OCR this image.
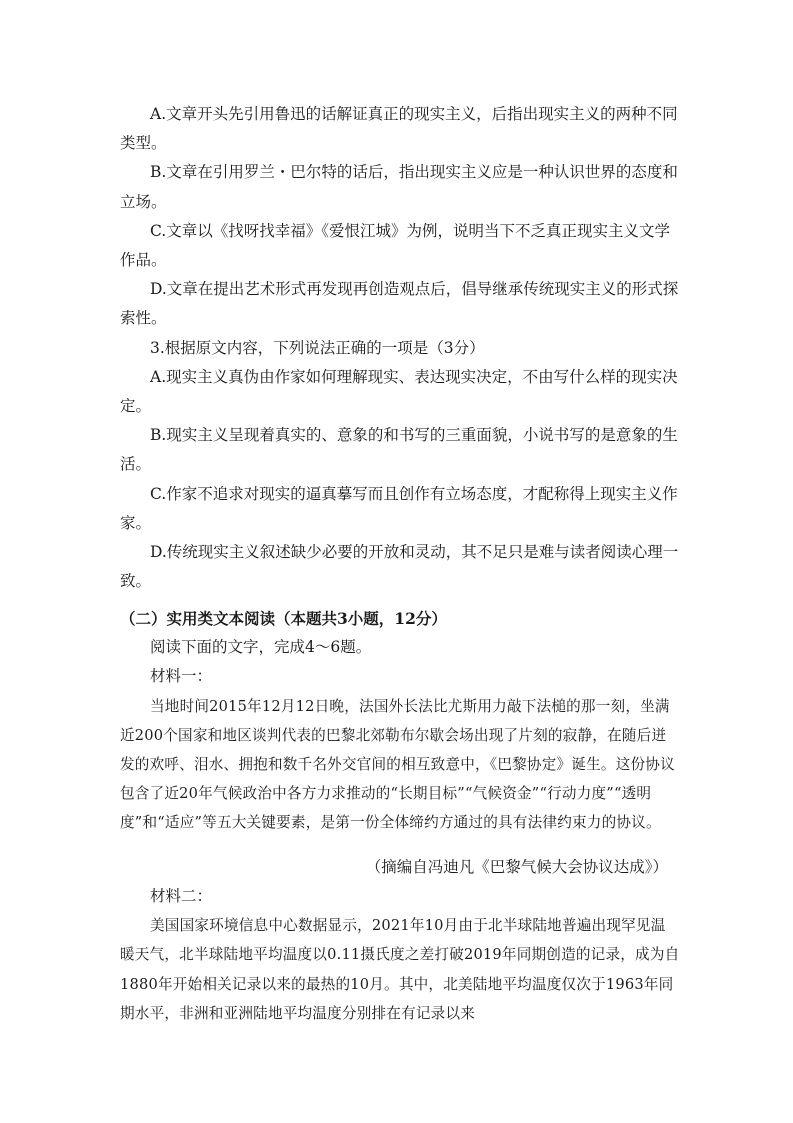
A.文章开头先引用鲁迅的话解证真正的现实主义，后指出现实主义的两种不同类型。

B.文章在引用罗兰・巴尔特的话后，指出现实主义应是一种认识世界的态度和立场。

C.文章以《找呀找幸福》《爱恨江城》为例，说明当下不乏真正现实主义文学作品。

D.文章在提出艺术形式再发现再创造观点后，倡导继承传统现实主义的形式探索性。

3.根据原文内容，下列说法正确的一项是（3分）

A.现实主义真伪由作家如何理解现实、表达现实决定，不由写什么样的现实决定。

B.现实主义呈现着真实的、意象的和书写的三重面貌，小说书写的是意象的生活。

C.作家不追求对现实的逼真摹写而且创作有立场态度，才配称得上现实主义作家。

D.传统现实主义叙述缺少必要的开放和灵动，其不足只是难与读者阅读心理一致。

（二）实用类文本阅读（本题共3小题，12分）

阅读下面的文字，完成4～6题。

材料一：

当地时间2015年12月12日晚，法国外长法比尤斯用力敲下法槌的那一刻，坐满近200个国家和地区谈判代表的巴黎北郊勒布尔歇会场出现了片刻的寂静，在随后迸发的欢呼、泪水、拥抱和数千名外交官间的相互致意中，《巴黎协定》诞生。这份协议包含了近20年气候政治中各方力求推动的“长期目标”“气候资金”“行动力度”“透明度”和“适应”等五大关键要素，是第一份全体缔约方通过的具有法律约束力的协议。

（摘编自冯迪凡《巴黎气候大会协议达成》）

材料二：

美国国家环境信息中心数据显示，2021年10月由于北半球陆地普遍出现罕见温暖天气，北半球陆地平均温度以0.11摄氏度之差打破2019年同期创造的记录，成为自1880年开始相关记录以来的最热的10月。其中，北美陆地平均温度仅次于1963年同期水平，非洲和亚洲陆地平均温度分别排在有记录以来
